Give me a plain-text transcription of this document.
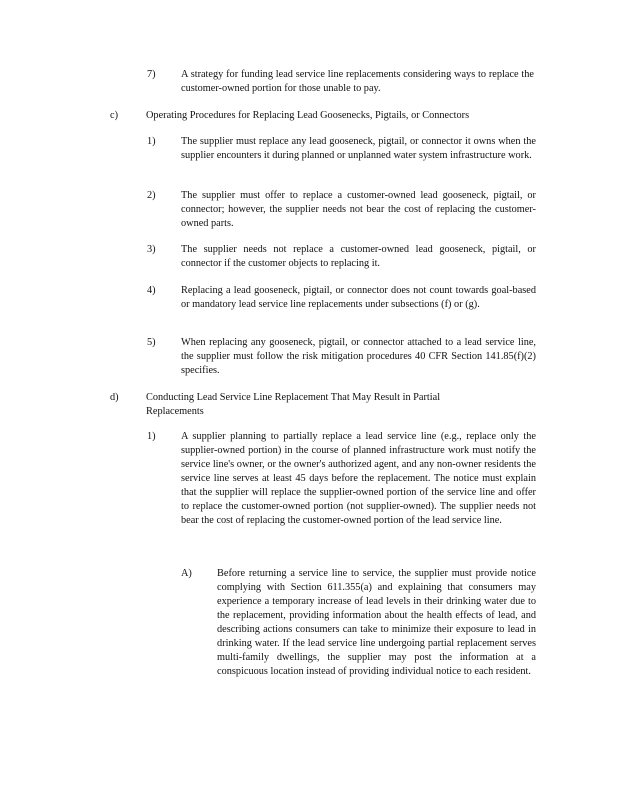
7) A strategy for funding lead service line replacements considering ways to replace the customer-owned portion for those unable to pay.
c)	Operating Procedures for Replacing Lead Goosenecks, Pigtails, or Connectors
1) The supplier must replace any lead gooseneck, pigtail, or connector it owns when the supplier encounters it during planned or unplanned water system infrastructure work.
2) The supplier must offer to replace a customer-owned lead gooseneck, pigtail, or connector; however, the supplier needs not bear the cost of replacing the customer-owned parts.
3) The supplier needs not replace a customer-owned lead gooseneck, pigtail, or connector if the customer objects to replacing it.
4) Replacing a lead gooseneck, pigtail, or connector does not count towards goal-based or mandatory lead service line replacements under subsections (f) or (g).
5) When replacing any gooseneck, pigtail, or connector attached to a lead service line, the supplier must follow the risk mitigation procedures 40 CFR Section 141.85(f)(2) specifies.
d)	Conducting Lead Service Line Replacement That May Result in Partial Replacements
1) A supplier planning to partially replace a lead service line (e.g., replace only the supplier-owned portion) in the course of planned infrastructure work must notify the service line's owner, or the owner's authorized agent, and any non-owner residents the service line serves at least 45 days before the replacement. The notice must explain that the supplier will replace the supplier-owned portion of the service line and offer to replace the customer-owned portion (not supplier-owned). The supplier needs not bear the cost of replacing the customer-owned portion of the lead service line.
A) Before returning a service line to service, the supplier must provide notice complying with Section 611.355(a) and explaining that consumers may experience a temporary increase of lead levels in their drinking water due to the replacement, providing information about the health effects of lead, and describing actions consumers can take to minimize their exposure to lead in drinking water. If the lead service line undergoing partial replacement serves multi-family dwellings, the supplier may post the information at a conspicuous location instead of providing individual notice to each resident.
